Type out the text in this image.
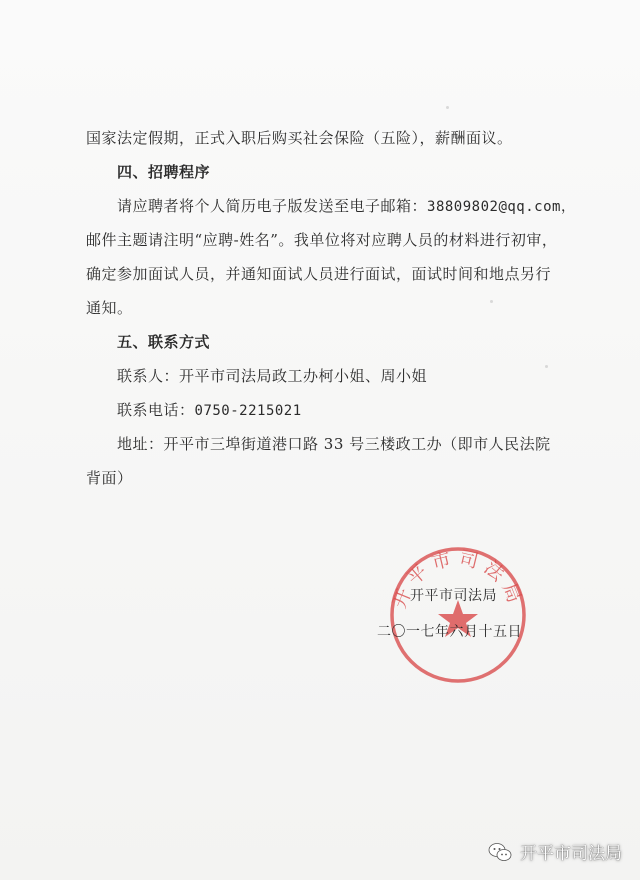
国家法定假期，正式入职后购买社会保险（五险），薪酬面议。
四、招聘程序
请应聘者将个人简历电子版发送至电子邮箱：38809802@qq.com，
邮件主题请注明“应聘-姓名”。我单位将对应聘人员的材料进行初审，
确定参加面试人员，并通知面试人员进行面试，面试时间和地点另行
通知。
五、联系方式
联系人：开平市司法局政工办柯小姐、周小姐
联系电话：0750-2215021
地址：开平市三埠街道港口路 33 号三楼政工办（即市人民法院
背面）
开平市司法局
开平市司法局
二〇一七年六月十五日
开平市司法局
